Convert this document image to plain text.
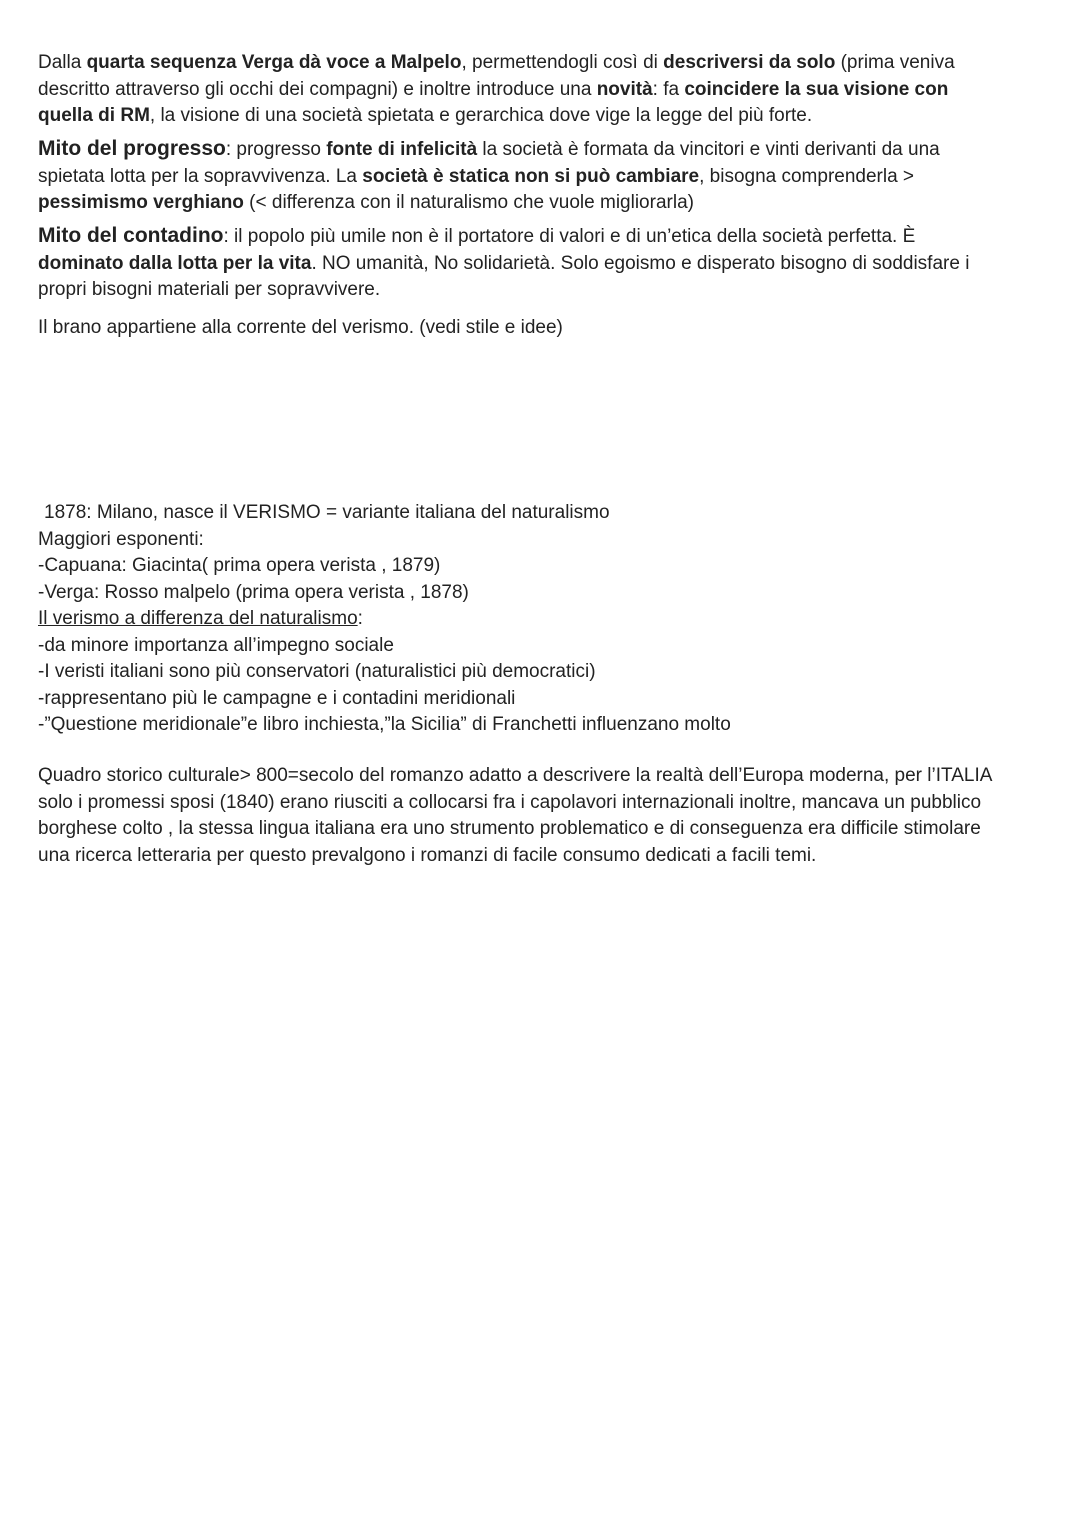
Dalla quarta sequenza Verga dà voce a Malpelo, permettendogli così di descriversi da solo (prima veniva
descritto attraverso gli occhi dei compagni) e inoltre introduce una novità: fa coincidere la sua visione con
quella di RM, la visione di una società spietata e gerarchica dove vige la legge del più forte.
Mito del progresso: progresso fonte di infelicità la società è formata da vincitori e vinti derivanti da una
spietata lotta per la sopravvivenza. La società è statica non si può cambiare, bisogna comprenderla >
pessimismo verghiano (< differenza con il naturalismo che vuole migliorarla)
Mito del contadino: il popolo più umile non è il portatore di valori e di un’etica della società perfetta. È
dominato dalla lotta per la vita. NO umanità, No solidarietà. Solo egoismo e disperato bisogno di soddisfare i
propri bisogni materiali per sopravvivere.
Il brano appartiene alla corrente del verismo. (vedi stile e idee)
1878: Milano, nasce il VERISMO = variante italiana del naturalismo
Maggiori esponenti:
-Capuana: Giacinta( prima opera verista , 1879)
-Verga: Rosso malpelo (prima opera verista , 1878)
Il verismo a differenza del naturalismo:
-da minore importanza all’impegno sociale
-I veristi italiani sono più conservatori (naturalistici più democratici)
-rappresentano più le campagne e i contadini meridionali
-”Questione meridionale”e libro inchiesta,”la Sicilia” di Franchetti influenzano molto
Quadro storico culturale> 800=secolo del romanzo adatto a descrivere la realtà dell’Europa moderna, per l’ITALIA
solo i promessi sposi (1840) erano riusciti a collocarsi fra i capolavori internazionali inoltre, mancava un pubblico
borghese colto , la stessa lingua italiana era uno strumento problematico e di conseguenza era difficile stimolare
una ricerca letteraria per questo prevalgono i romanzi di facile consumo dedicati a facili temi.
